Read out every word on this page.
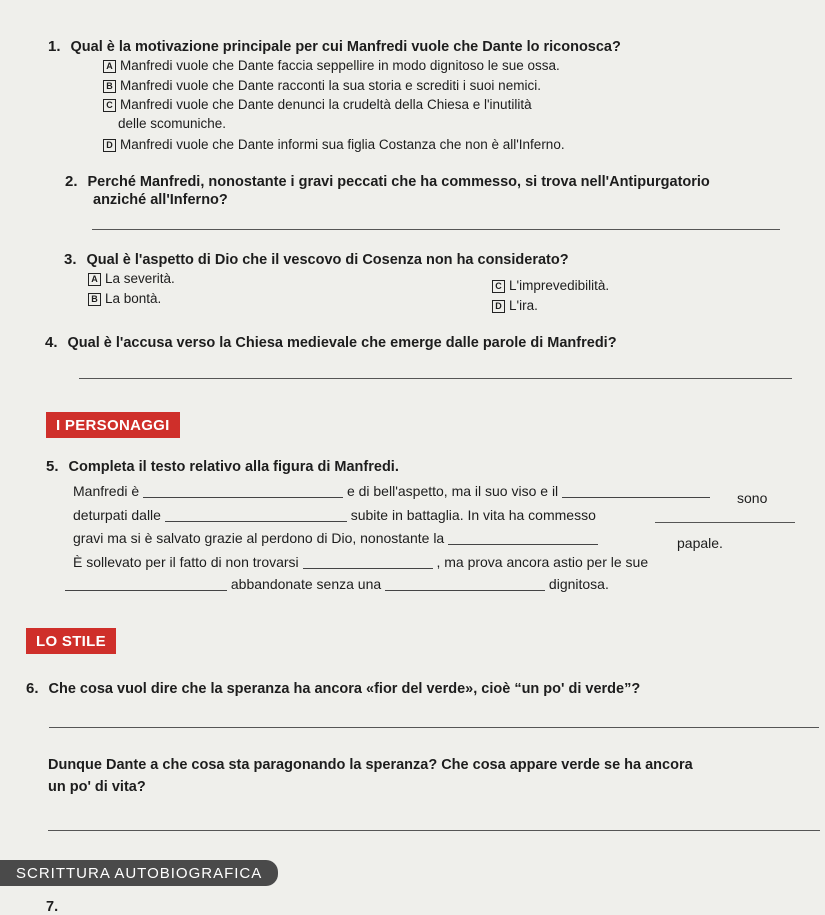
1. Qual è la motivazione principale per cui Manfredi vuole che Dante lo riconosca?
A Manfredi vuole che Dante faccia seppellire in modo dignitoso le sue ossa.
B Manfredi vuole che Dante racconti la sua storia e screditi i suoi nemici.
C Manfredi vuole che Dante denunci la crudeltà della Chiesa e l'inutilità
delle scomuniche.
D Manfredi vuole che Dante informi sua figlia Costanza che non è all'Inferno.
2. Perché Manfredi, nonostante i gravi peccati che ha commesso, si trova nell'Antipurgatorio
anziché all'Inferno?
3. Qual è l'aspetto di Dio che il vescovo di Cosenza non ha considerato?
A La severità.
B La bontà.
C L'imprevedibilità.
D L'ira.
4. Qual è l'accusa verso la Chiesa medievale che emerge dalle parole di Manfredi?
I PERSONAGGI
5. Completa il testo relativo alla figura di Manfredi.
Manfredi è	e di bell'aspetto, ma il suo viso e il	sono
deturpati dalle	subite in battaglia. In vita ha commesso
gravi ma si è salvato grazie al perdono di Dio, nonostante la	papale.
È sollevato per il fatto di non trovarsi	, ma prova ancora astio per le sue
abbandonate senza una	dignitosa.
LO STILE
6. Che cosa vuol dire che la speranza ha ancora «fior del verde», cioè “un po' di verde”?
Dunque Dante a che cosa sta paragonando la speranza? Che cosa appare verde se ha ancora
un po' di vita?
SCRITTURA AUTOBIOGRAFICA
7.
